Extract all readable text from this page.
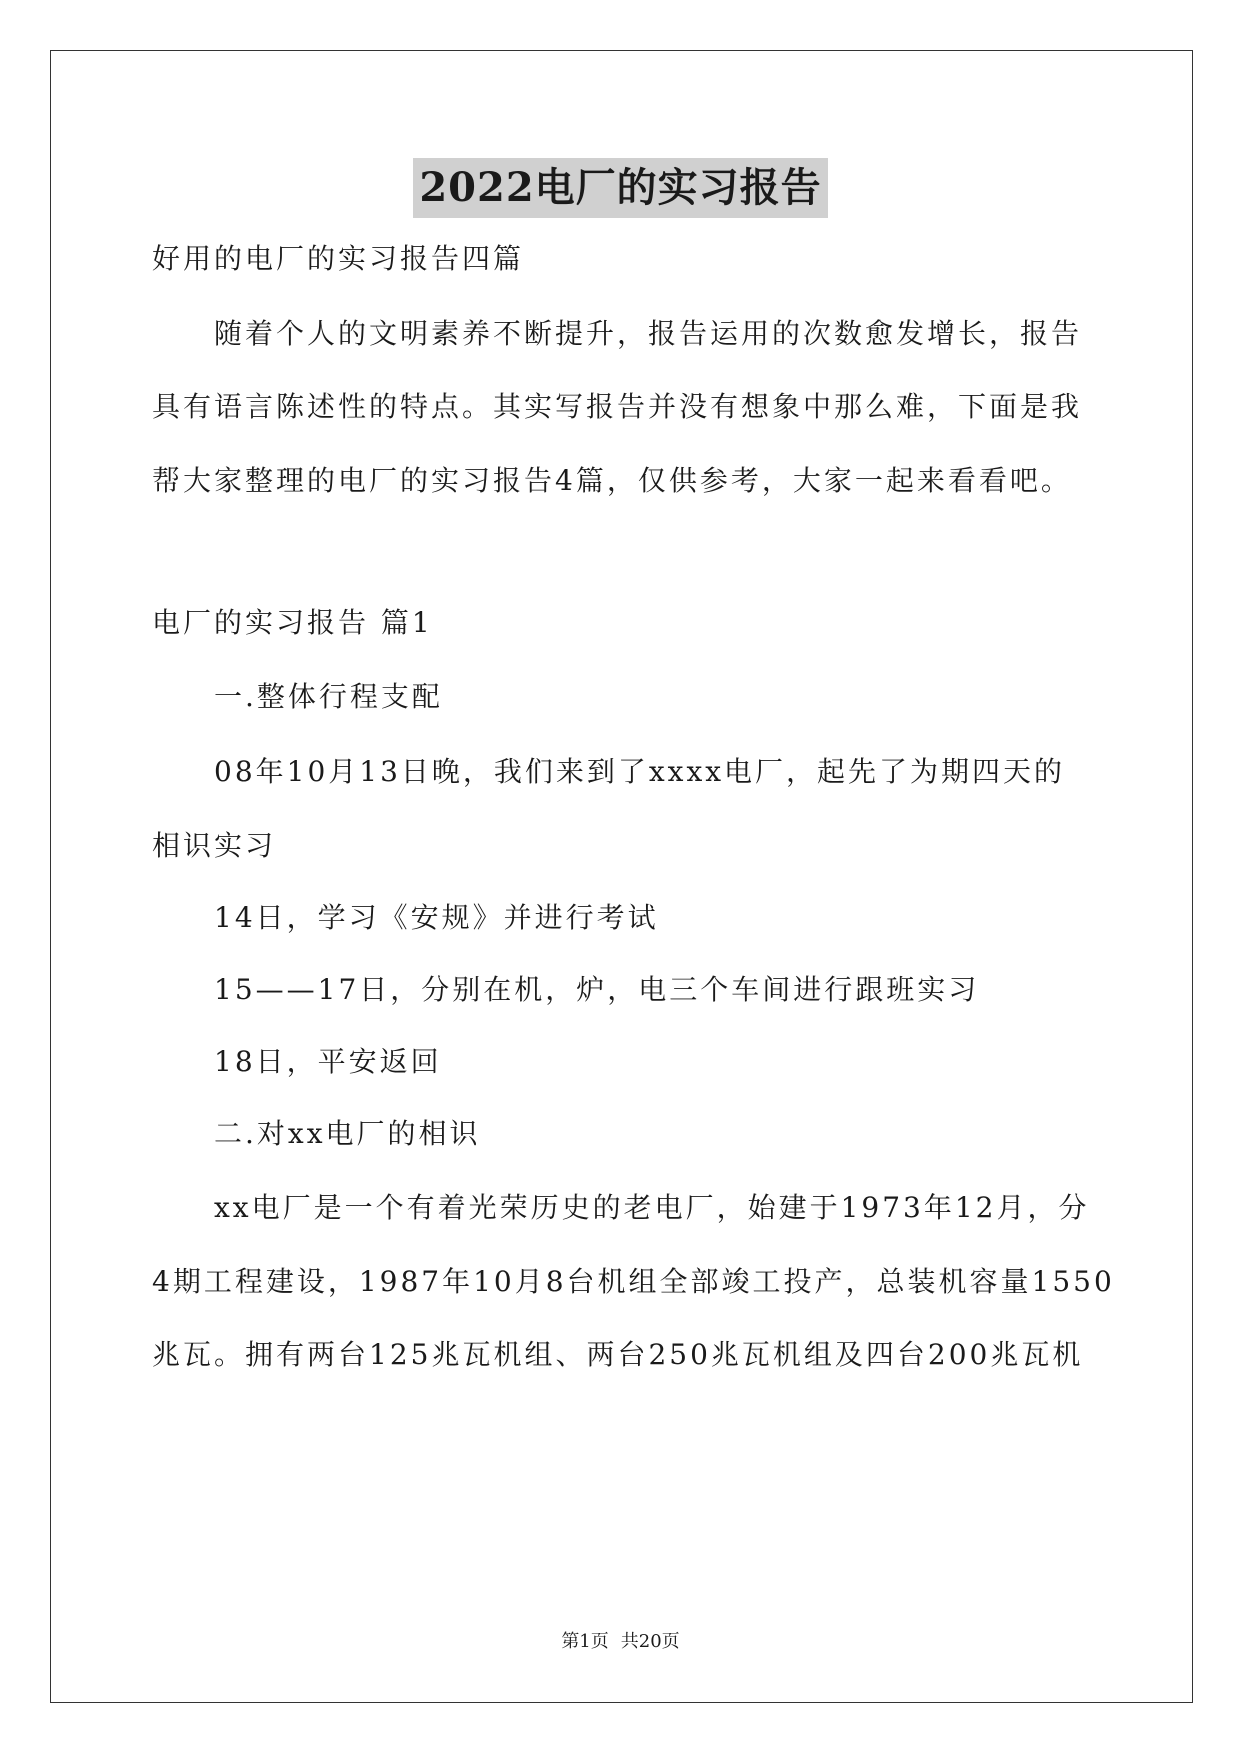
2022电厂的实习报告
好用的电厂的实习报告四篇
随着个人的文明素养不断提升，报告运用的次数愈发增长，报告
具有语言陈述性的特点。其实写报告并没有想象中那么难，下面是我
帮大家整理的电厂的实习报告4篇，仅供参考，大家一起来看看吧。
电厂的实习报告 篇1
一.整体行程支配
08年10月13日晚，我们来到了xxxx电厂，起先了为期四天的
相识实习
14日，学习《安规》并进行考试
15——17日，分别在机，炉，电三个车间进行跟班实习
18日，平安返回
二.对xx电厂的相识
xx电厂是一个有着光荣历史的老电厂，始建于1973年12月，分
4期工程建设，1987年10月8台机组全部竣工投产，总装机容量1550
兆瓦。拥有两台125兆瓦机组、两台250兆瓦机组及四台200兆瓦机
第1页 共20页
